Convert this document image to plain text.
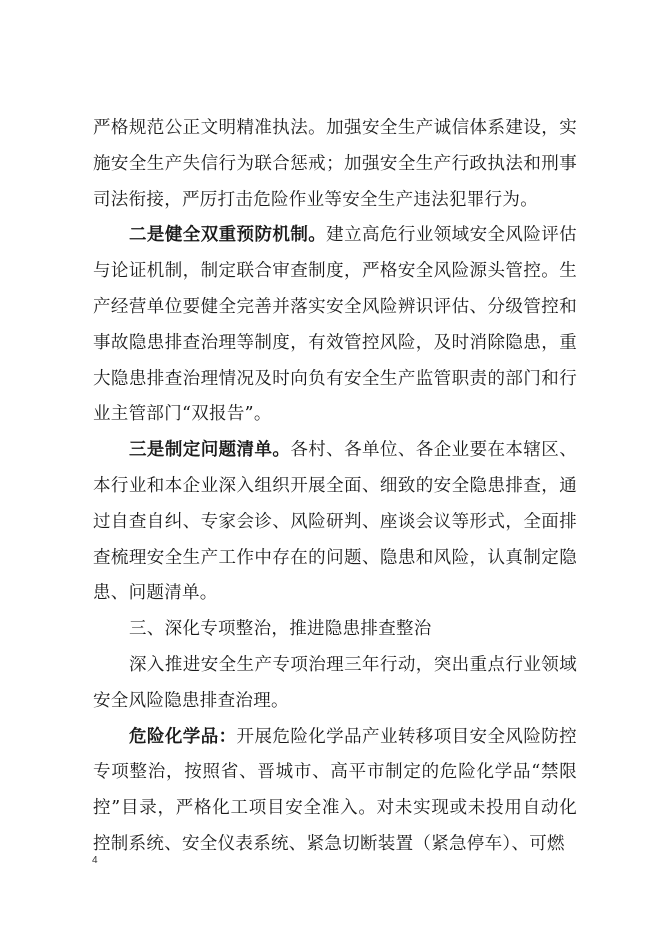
严格规范公正文明精准执法。加强安全生产诚信体系建设，实施安全生产失信行为联合惩戒；加强安全生产行政执法和刑事司法衔接，严厉打击危险作业等安全生产违法犯罪行为。

二是健全双重预防机制。建立高危行业领域安全风险评估与论证机制，制定联合审查制度，严格安全风险源头管控。生产经营单位要健全完善并落实安全风险辨识评估、分级管控和事故隐患排查治理等制度，有效管控风险，及时消除隐患，重大隐患排查治理情况及时向负有安全生产监管职责的部门和行业主管部门“双报告”。

三是制定问题清单。各村、各单位、各企业要在本辖区、本行业和本企业深入组织开展全面、细致的安全隐患排查，通过自查自纠、专家会诊、风险研判、座谈会议等形式，全面排查梳理安全生产工作中存在的问题、隐患和风险，认真制定隐患、问题清单。

三、深化专项整治，推进隐患排查整治

深入推进安全生产专项治理三年行动，突出重点行业领域安全风险隐患排查治理。

危险化学品：开展危险化学品产业转移项目安全风险防控专项整治，按照省、晋城市、高平市制定的危险化学品“禁限控”目录，严格化工项目安全准入。对未实现或未投用自动化控制系统、安全仪表系统、紧急切断装置（紧急停车）、可燃

4
